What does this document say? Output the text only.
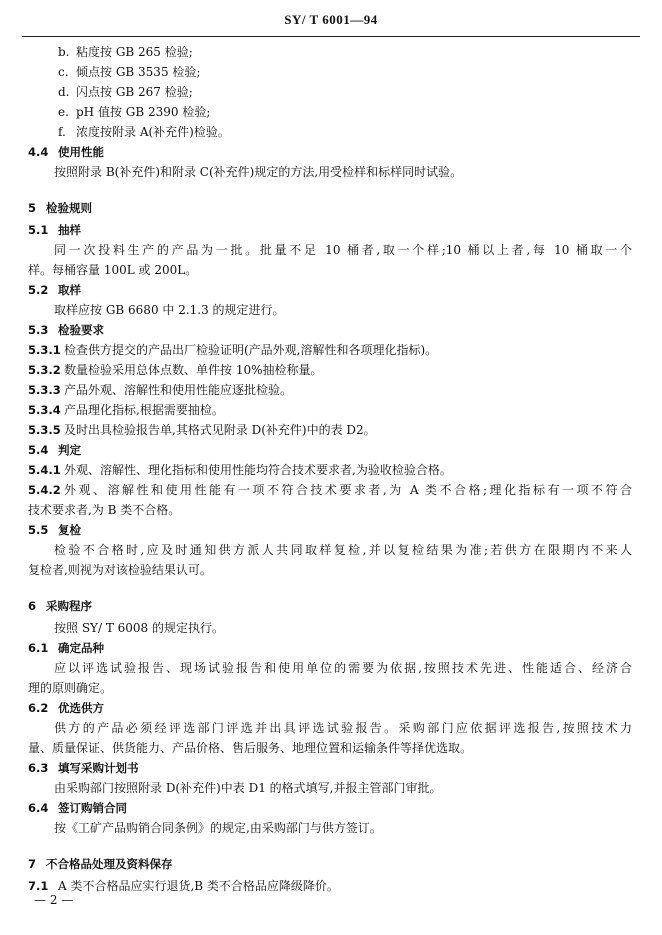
SY/ T 6001—94
b. 粘度按 GB 265 检验;
c. 倾点按 GB 3535 检验;
d. 闪点按 GB 267 检验;
e. pH 值按 GB 2390 检验;
f. 浓度按附录 A(补充件)检验。
4.4 使用性能
按照附录 B(补充件)和附录 C(补充件)规定的方法,用受检样和标样同时试验。
5 检验规则
5.1 抽样
同一次投料生产的产品为一批。批量不足 10 桶者,取一个样;10 桶以上者,每 10 桶取一个
样。每桶容量 100L 或 200L。
5.2 取样
取样应按 GB 6680 中 2.1.3 的规定进行。
5.3 检验要求
5.3.1 检查供方提交的产品出厂检验证明(产品外观,溶解性和各项理化指标)。
5.3.2 数量检验采用总体点数、单件按 10%抽检称量。
5.3.3 产品外观、溶解性和使用性能应逐批检验。
5.3.4 产品理化指标,根据需要抽检。
5.3.5 及时出具检验报告单,其格式见附录 D(补充件)中的表 D2。
5.4 判定
5.4.1 外观、溶解性、理化指标和使用性能均符合技术要求者,为验收检验合格。
5.4.2 外观、溶解性和使用性能有一项不符合技术要求者,为 A 类不合格;理化指标有一项不符合
技术要求者,为 B 类不合格。
5.5 复检
检验不合格时,应及时通知供方派人共同取样复检,并以复检结果为准;若供方在限期内不来人
复检者,则视为对该检验结果认可。
6 采购程序
按照 SY/ T 6008 的规定执行。
6.1 确定品种
应以评选试验报告、现场试验报告和使用单位的需要为依据,按照技术先进、性能适合、经济合
理的原则确定。
6.2 优选供方
供方的产品必须经评选部门评选并出具评选试验报告。采购部门应依据评选报告,按照技术力
量、质量保证、供货能力、产品价格、售后服务、地理位置和运输条件等择优选取。
6.3 填写采购计划书
由采购部门按照附录 D(补充件)中表 D1 的格式填写,并报主管部门审批。
6.4 签订购销合同
按《工矿产品购销合同条例》的规定,由采购部门与供方签订。
7 不合格品处理及资料保存
7.1 A 类不合格品应实行退货,B 类不合格品应降级降价。
— 2 —
